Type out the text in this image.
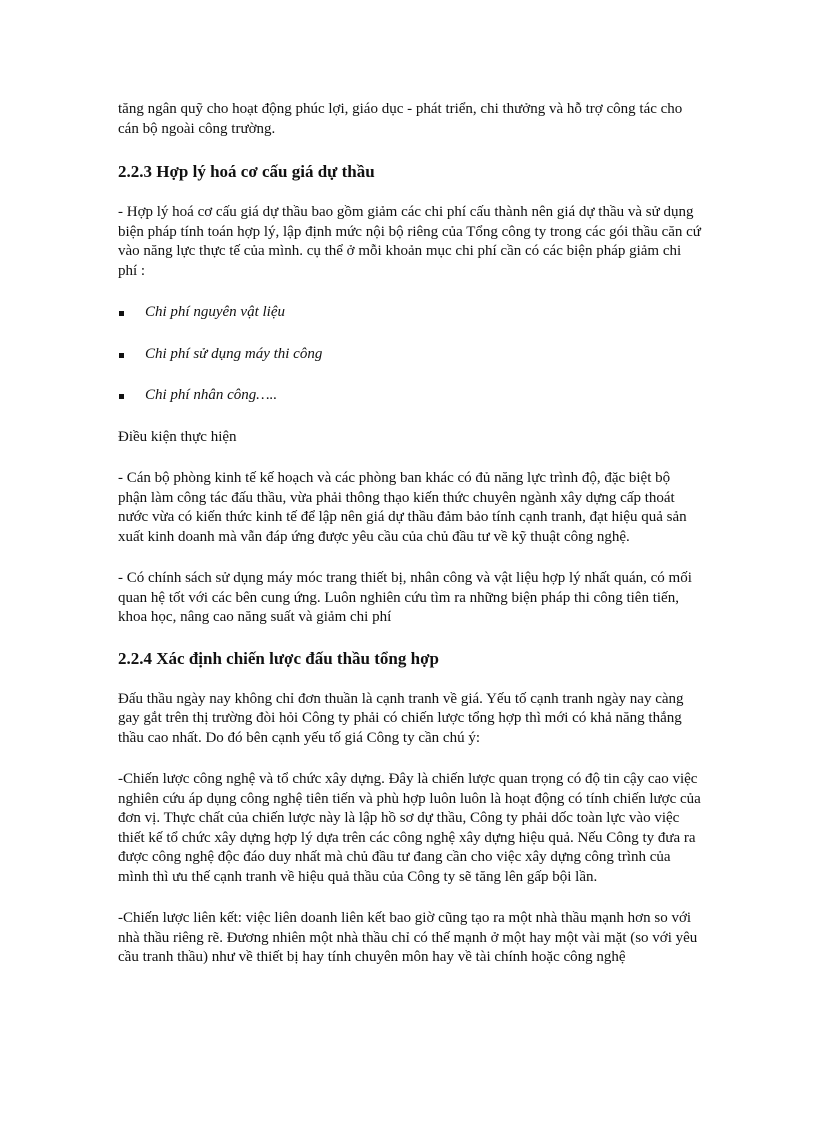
tăng ngân quỹ cho hoạt động phúc lợi, giáo dục - phát triển, chi thưởng và hỗ trợ công tác cho cán bộ ngoài công trường.

2.2.3 Hợp lý hoá cơ cấu giá dự thầu

- Hợp lý hoá cơ cấu giá dự thầu bao gồm giảm các chi phí cấu thành nên giá dự thầu và sử dụng biện pháp tính toán hợp lý, lập định mức nội bộ riêng của Tổng công ty trong các gói thầu căn cứ vào năng lực thực tế của mình. cụ thể ở mỗi khoản mục chi phí cần có các biện pháp giảm chi phí :

Chi phí nguyên vật liệu
Chi phí sử dụng máy thi công
Chi phí nhân công…..

Điều kiện thực hiện

- Cán bộ phòng kinh tế kế hoạch và các phòng ban khác có đủ năng lực trình độ, đặc biệt bộ phận làm công tác đấu thầu, vừa phải thông thạo kiến thức chuyên ngành xây dựng cấp thoát nước vừa có kiến thức kinh tế để lập nên giá dự thầu đảm bảo tính cạnh tranh, đạt hiệu quả sản xuất kinh doanh mà vẫn đáp ứng được yêu cầu của chủ đầu tư về kỹ thuật công nghệ.

- Có chính sách sử dụng máy móc trang thiết bị, nhân công và vật liệu hợp lý nhất quán, có mối quan hệ tốt với các bên cung ứng. Luôn nghiên cứu tìm ra những biện pháp thi công tiên tiến, khoa học, nâng cao năng suất và giảm chi phí

2.2.4 Xác định chiến lược đấu thầu tổng hợp

Đấu thầu ngày nay không chỉ đơn thuần là cạnh tranh về giá. Yếu tố cạnh tranh ngày nay càng gay gắt trên thị trường đòi hỏi Công ty phải có chiến lược tổng hợp thì mới có khả năng thắng thầu cao nhất. Do đó bên cạnh yếu tố giá Công ty cần chú ý:

-Chiến lược công nghệ và tổ chức xây dựng. Đây là chiến lược quan trọng có độ tin cậy cao việc nghiên cứu áp dụng công nghệ tiên tiến và phù hợp luôn luôn là hoạt động có tính chiến lược của đơn vị. Thực chất của chiến lược này là lập hồ sơ dự thầu, Công ty phải dốc toàn lực vào việc thiết kế tổ chức xây dựng hợp lý dựa trên các công nghệ xây dựng hiệu quả. Nếu Công ty đưa ra được công nghệ độc đáo duy nhất mà chủ đầu tư đang cần cho việc xây dựng công trình của mình thì ưu thế cạnh tranh về hiệu quả thầu của Công ty sẽ tăng lên gấp bội lần.

-Chiến lược liên kết: việc liên doanh liên kết bao giờ cũng tạo ra một nhà thầu mạnh hơn so với nhà thầu riêng rẽ. Đương nhiên một nhà thầu chỉ có thế mạnh ở một hay một vài mặt (so với yêu cầu tranh thầu) như về thiết bị hay tính chuyên môn hay về tài chính hoặc công nghệ
